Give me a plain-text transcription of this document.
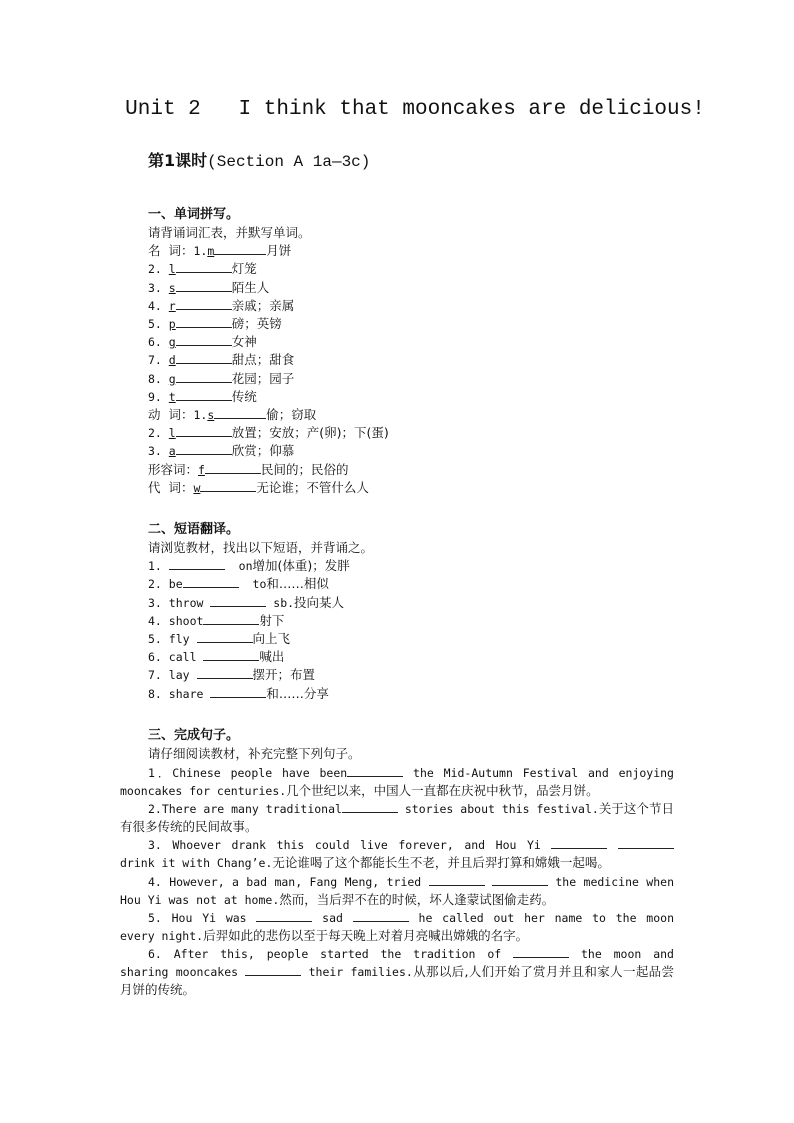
Unit 2   I think that mooncakes are delicious!
第1课时(Section A 1a—3c)
一、单词拼写。
请背诵词汇表，并默写单词。
名  词：1.m	月饼
2. l	灯笼
3. s	陌生人
4. r	亲戚；亲属
5. p	磅；英镑
6. g	女神
7. d	甜点；甜食
8. g	花园；园子
9. t	传统
动  词：1.s	偷；窃取
2. l	放置；安放；产(卵)；下(蛋)
3. a	欣赏；仰慕
形容词：f	民间的；民俗的
代  词：w	无论谁；不管什么人
二、短语翻译。
请浏览教材，找出以下短语，并背诵之。
1.	on增加(体重)；发胖
2. be	to和……相似
3. throw	sb.投向某人
4. shoot	射下
5. fly	向上飞
6. call	喊出
7. lay	摆开；布置
8. share	和……分享
三、完成句子。
请仔细阅读教材，补充完整下列句子。
1．Chinese people have been	the Mid-Autumn Festival and enjoying mooncakes for centuries.几个世纪以来，中国人一直都在庆祝中秋节，品尝月饼。
2.There are many traditional	stories about this festival.关于这个节日有很多传统的民间故事。
3. Whoever drank this could live forever, and Hou Yi   drink it with Chang’e.无论谁喝了这个都能长生不老，并且后羿打算和嫦娥一起喝。
4. However, a bad man, Fang Meng, tried	the medicine when Hou Yi was not at home.然而，当后羿不在的时候，坏人逢蒙试图偷走药。
5. Hou Yi was	sad	he called out her name to the moon every night.后羿如此的悲伤以至于每天晚上对着月亮喊出嫦娥的名字。
6. After this, people started the tradition of	the moon and sharing mooncakes	their families.从那以后,人们开始了赏月并且和家人一起品尝月饼的传统。
